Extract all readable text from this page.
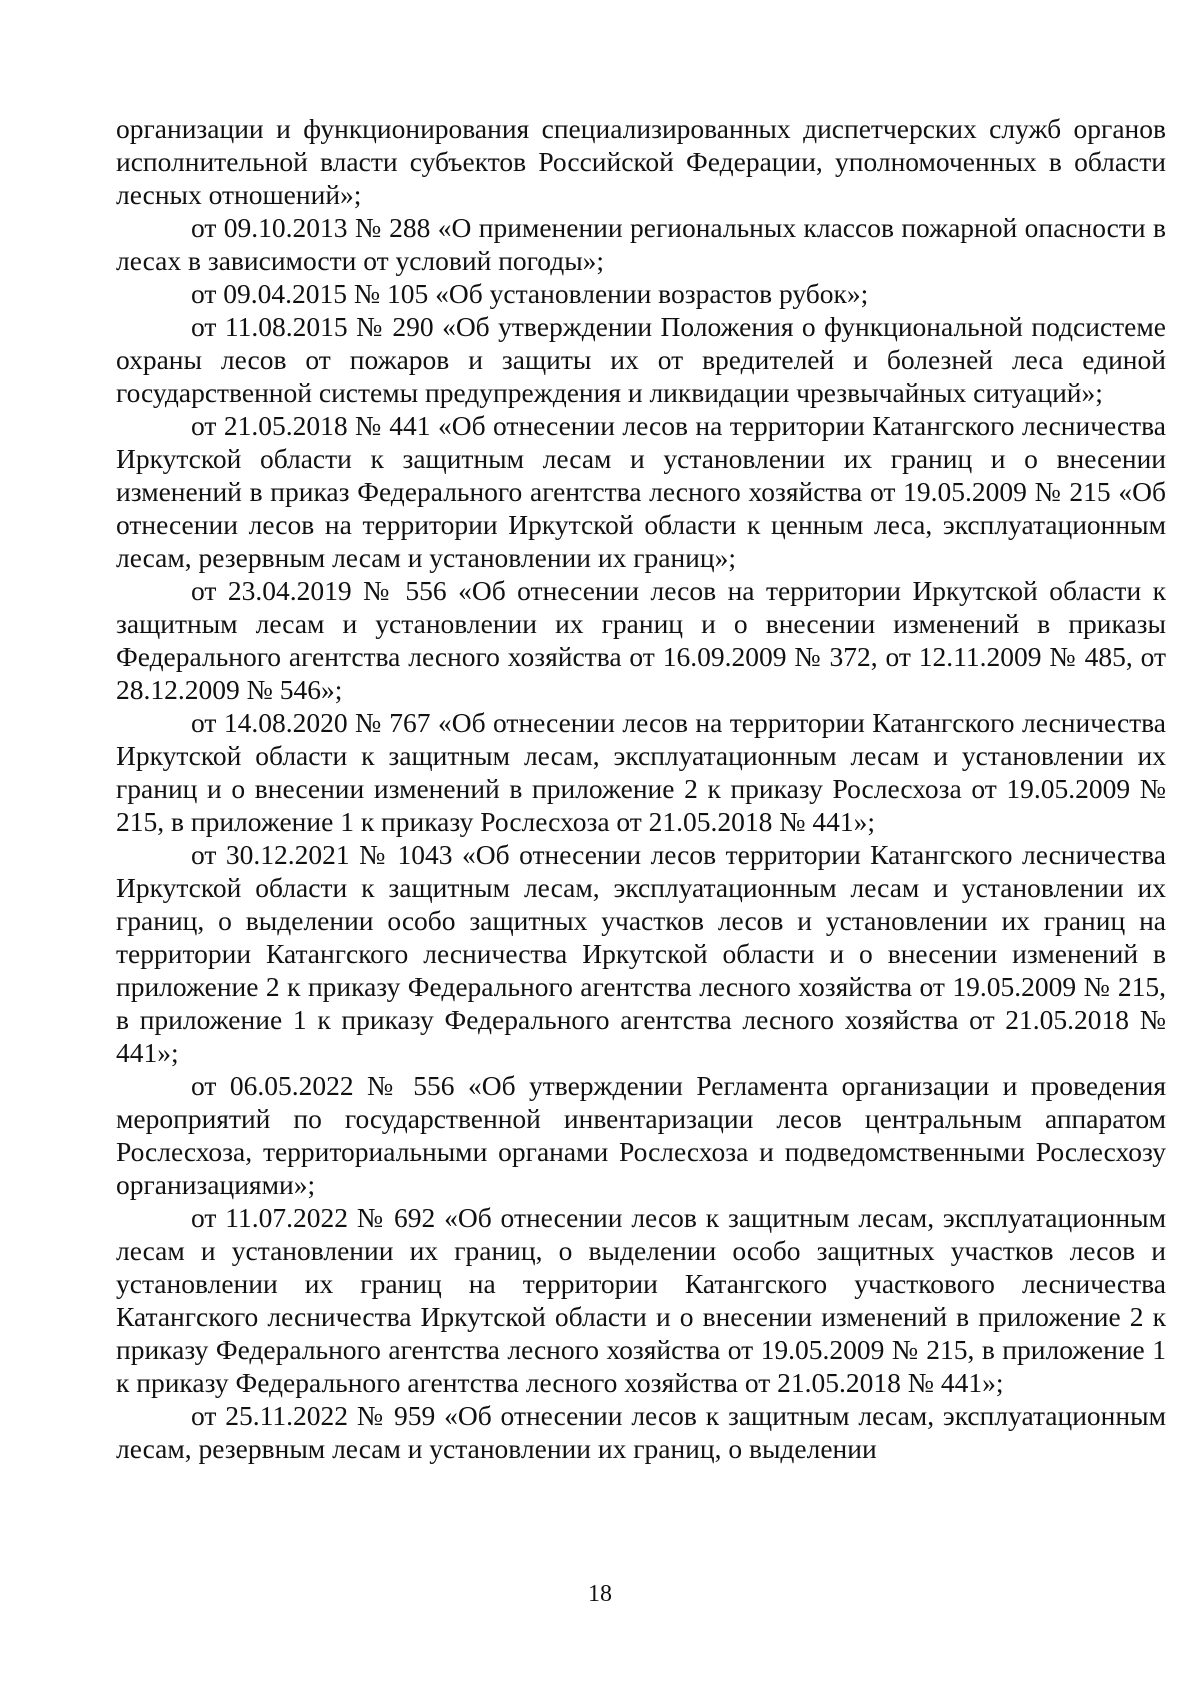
организации и функционирования специализированных диспетчерских служб органов исполнительной власти субъектов Российской Федерации, уполномоченных в области лесных отношений»;

от 09.10.2013 № 288 «О применении региональных классов пожарной опасности в лесах в зависимости от условий погоды»;

от 09.04.2015 № 105 «Об установлении возрастов рубок»;

от 11.08.2015 № 290 «Об утверждении Положения о функциональной подсистеме охраны лесов от пожаров и защиты их от вредителей и болезней леса единой государственной системы предупреждения и ликвидации чрезвычайных ситуаций»;

от 21.05.2018 № 441 «Об отнесении лесов на территории Катангского лесничества Иркутской области к защитным лесам и установлении их границ и о внесении изменений в приказ Федерального агентства лесного хозяйства от 19.05.2009 № 215 «Об отнесении лесов на территории Иркутской области к ценным леса, эксплуатационным лесам, резервным лесам и установлении их границ»;

от 23.04.2019 № 556 «Об отнесении лесов на территории Иркутской области к защитным лесам и установлении их границ и о внесении изменений в приказы Федерального агентства лесного хозяйства от 16.09.2009 № 372, от 12.11.2009 № 485, от 28.12.2009 № 546»;

от 14.08.2020 № 767 «Об отнесении лесов на территории Катангского лесничества Иркутской области к защитным лесам, эксплуатационным лесам и установлении их границ и о внесении изменений в приложение 2 к приказу Рослесхоза от 19.05.2009 № 215, в приложение 1 к приказу Рослесхоза от 21.05.2018 № 441»;

от 30.12.2021 № 1043 «Об отнесении лесов территории Катангского лесничества Иркутской области к защитным лесам, эксплуатационным лесам и установлении их границ, о выделении особо защитных участков лесов и установлении их границ на территории Катангского лесничества Иркутской области и о внесении изменений в приложение 2 к приказу Федерального агентства лесного хозяйства от 19.05.2009 № 215, в приложение 1 к приказу Федерального агентства лесного хозяйства от 21.05.2018 № 441»;

от 06.05.2022 № 556 «Об утверждении Регламента организации и проведения мероприятий по государственной инвентаризации лесов центральным аппаратом Рослесхоза, территориальными органами Рослесхоза и подведомственными Рослесхозу организациями»;

от 11.07.2022 № 692 «Об отнесении лесов к защитным лесам, эксплуатационным лесам и установлении их границ, о выделении особо защитных участков лесов и установлении их границ на территории Катангского участкового лесничества Катангского лесничества Иркутской области и о внесении изменений в приложение 2 к приказу Федерального агентства лесного хозяйства от 19.05.2009 № 215, в приложение 1 к приказу Федерального агентства лесного хозяйства от 21.05.2018 № 441»;

от 25.11.2022 № 959 «Об отнесении лесов к защитным лесам, эксплуатационным лесам, резервным лесам и установлении их границ, о выделении

18
